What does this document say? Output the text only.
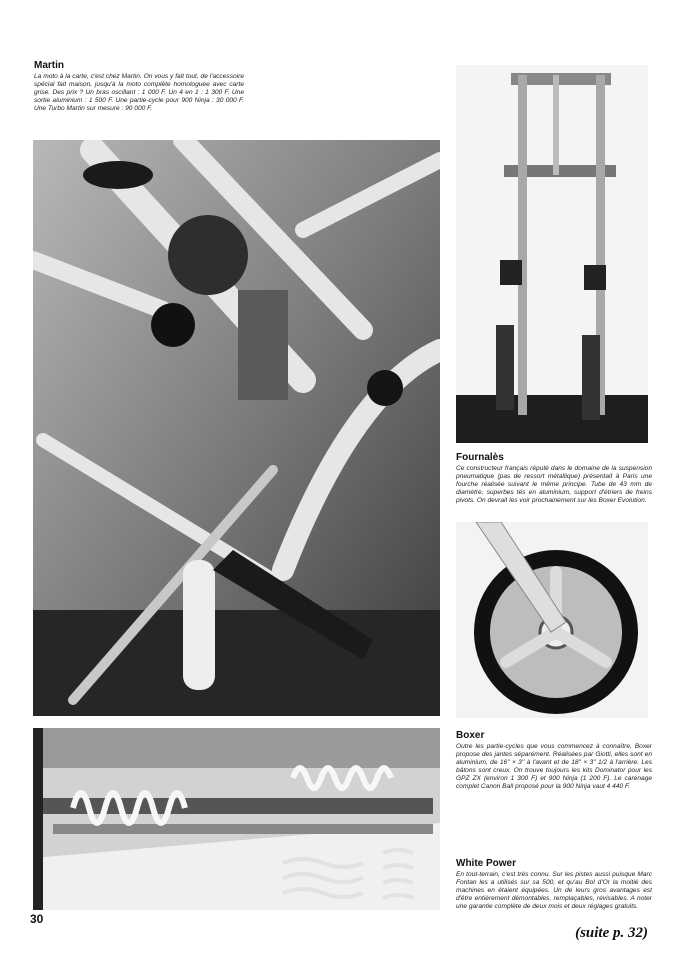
Martin

La moto à la carte, c'est chez Martin. On vous y fait tout, de l'accessoire spécial fait maison, jusqu'à la moto complète homologuée avec carte grise. Des prix ? Un bras oscillant : 1 000 F. Un 4 en 1 : 1 300 F. Une sortie aluminium : 1 500 F. Une partie-cycle pour 900 Ninja : 30 000 F. Une Turbo Martin sur mesure : 90 000 F.

Fournalès

Ce constructeur français réputé dans le domaine de la suspension pneumatique (pas de ressort métallique) présentait à Paris une fourche réalisée suivant le même principe. Tube de 43 mm de diamètre, superbes tés en aluminium, support d'étriers de freins pivots. On devrait les voir prochainement sur les Boxer Evolution.

Boxer

Outre les partie-cycles que vous commencez à connaître, Boxer propose des jantes séparément. Réalisées par Giotti, elles sont en aluminium, de 16'' × 3'' à l'avant et de 18'' × 3'' 1/2 à l'arrière. Les bâtons sont creux. On trouve toujours les kits Dominator pour les GPZ ZX (environ 1 300 F) et 900 Ninja (1 200 F). Le carénage complet Canon Ball proposé pour la 900 Ninja vaut 4 440 F.

White Power

En tout-terrain, c'est très connu. Sur les pistes aussi puisque Marc Fontan les a utilisés sur sa 500, et qu'au Bol d'Or la moitié des machines en étaient équipées. Un de leurs gros avantages est d'être entièrement démontables, remplaçables, révisables. A noter une garantie complète de deux mois et deux réglages gratuits.

30
(suite p. 32)
